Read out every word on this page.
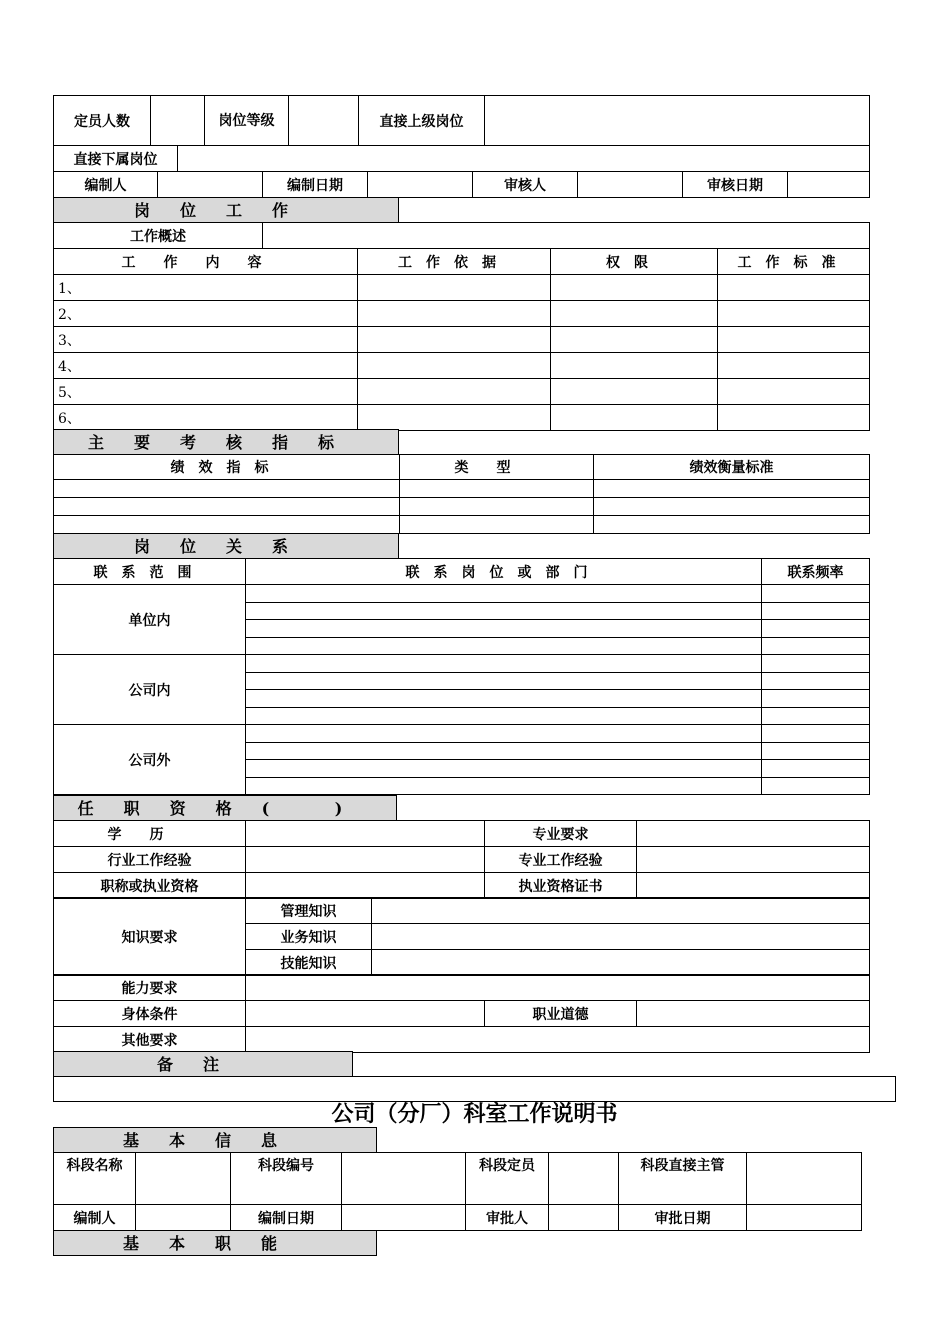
定员人数		岗位等级		直接上级岗位	
直接下属岗位	
编制人		编制日期		审核人		审核日期	
岗位工作
工作概述	
工作内容	工作依据	权限	工作标准
1、			
2、			
3、			
4、			
5、			
6、			
主要考核指标
绩效指标	类型	绩效衡量标准

岗位关系
联系范围	联系岗位或部门	联系频率
单位内		

公司内		

公司外		

任职资格( )
学历		专业要求	
行业工作经验		专业工作经验	
职称或执业资格		执业资格证书	
知识要求	管理知识	
	业务知识	
	技能知识	
能力要求			
身体条件		职业道德	
其他要求			
备注
公司（分厂）科室工作说明书
基本信息
科段名称		科段编号		科段定员		科段直接主管	
编制人		编制日期		审批人		审批日期	
基本职能
